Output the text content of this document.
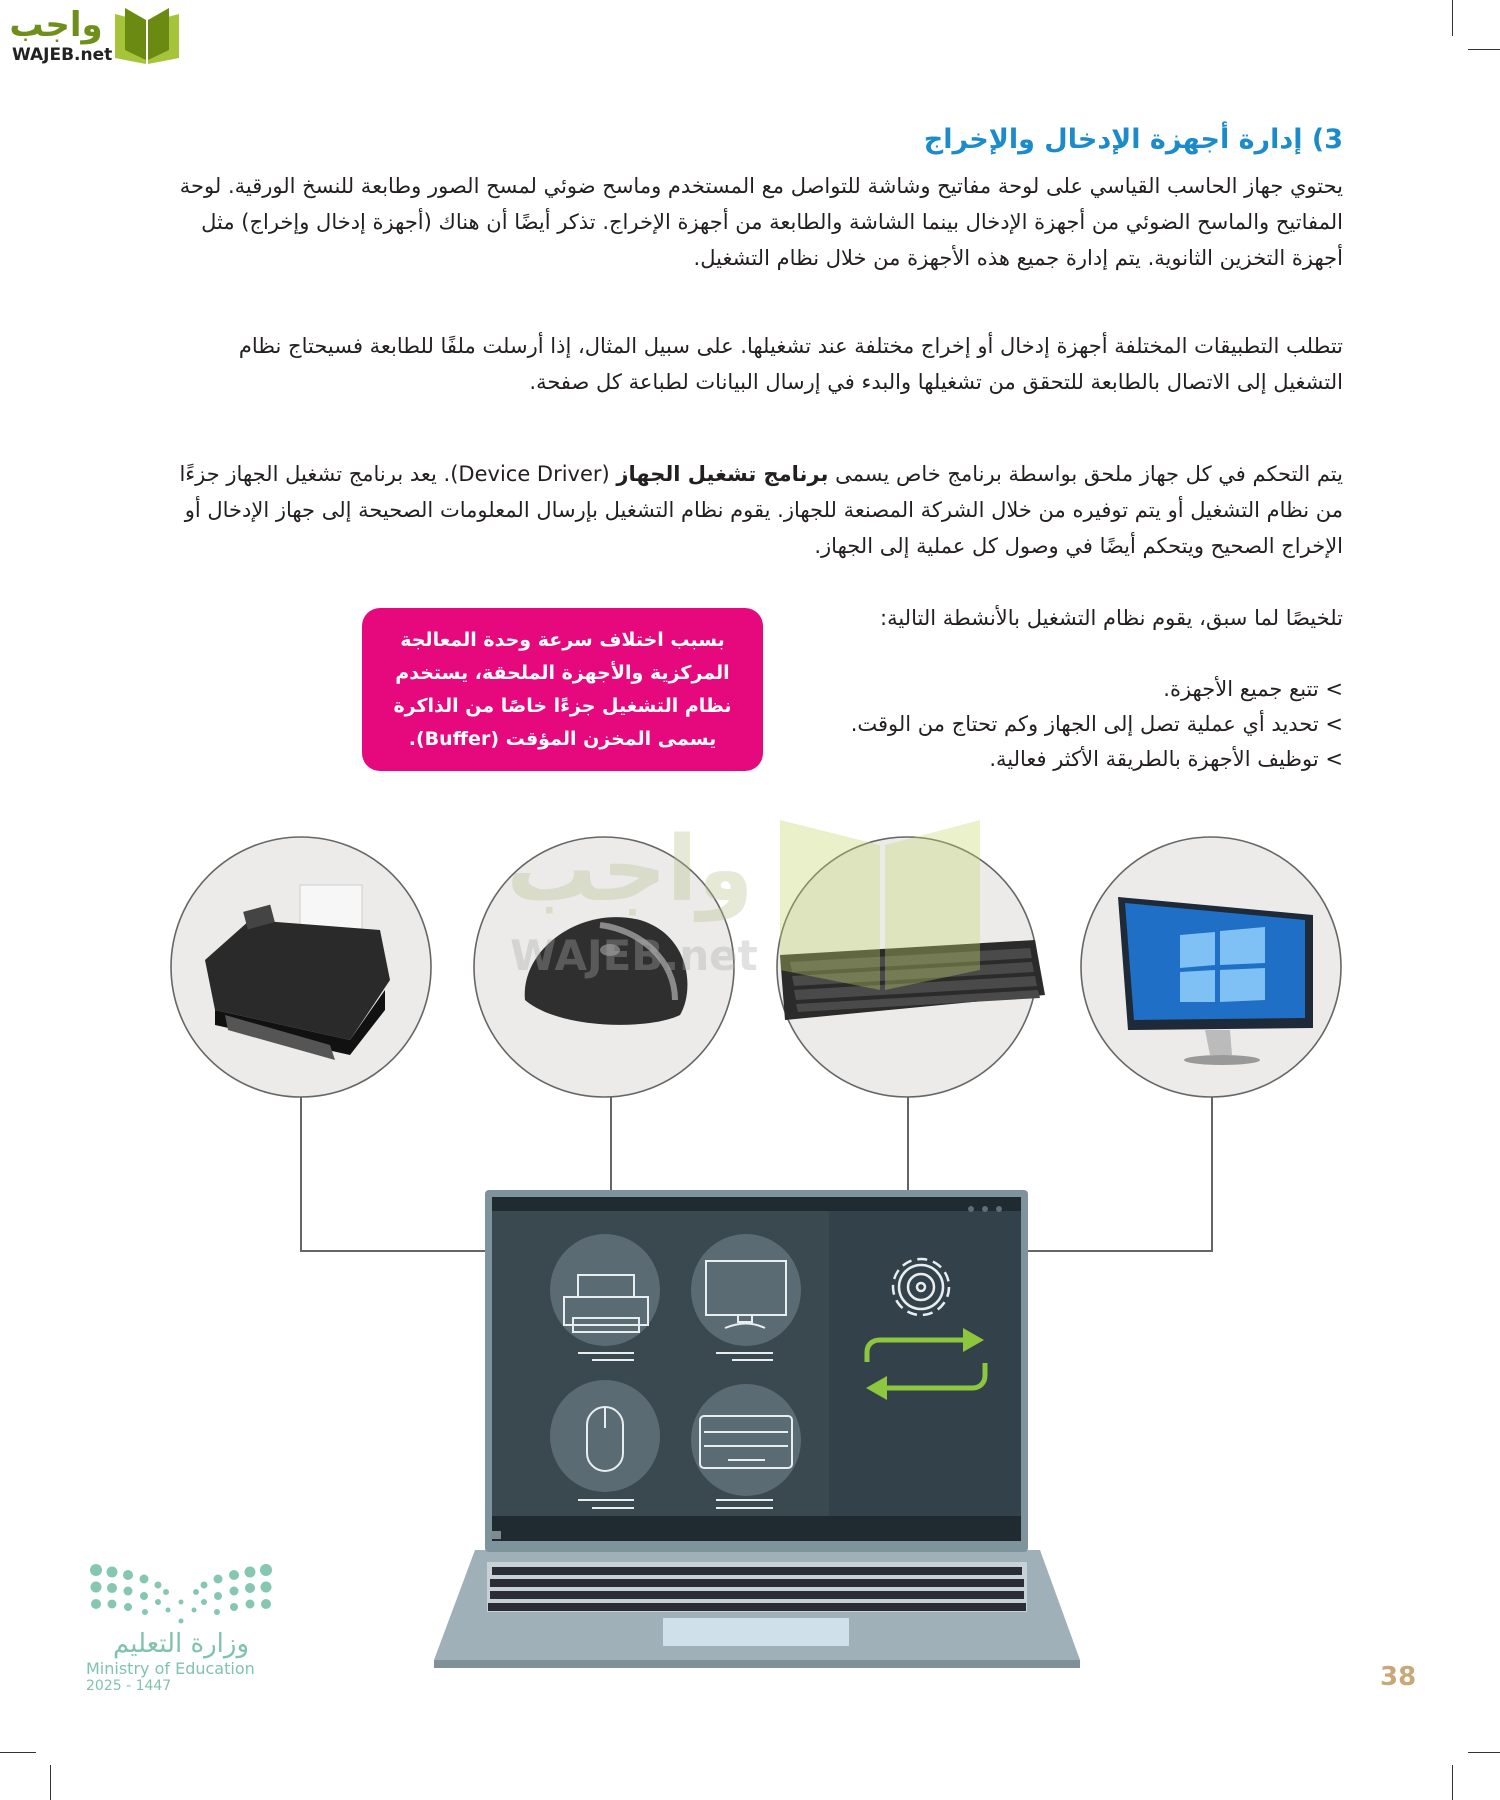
واجب
WAJEB.net
3) إدارة أجهزة الإدخال والإخراج
يحتوي جهاز الحاسب القياسي على لوحة مفاتيح وشاشة للتواصل مع المستخدم وماسح ضوئي لمسح الصور وطابعة للنسخ الورقية. لوحة المفاتيح والماسح الضوئي من أجهزة الإدخال بينما الشاشة والطابعة من أجهزة الإخراج. تذكر أيضًا أن هناك (أجهزة إدخال وإخراج) مثل أجهزة التخزين الثانوية. يتم إدارة جميع هذه الأجهزة من خلال نظام التشغيل.
تتطلب التطبيقات المختلفة أجهزة إدخال أو إخراج مختلفة عند تشغيلها. على سبيل المثال، إذا أرسلت ملفًا للطابعة فسيحتاج نظام التشغيل إلى الاتصال بالطابعة للتحقق من تشغيلها والبدء في إرسال البيانات لطباعة كل صفحة.
يتم التحكم في كل جهاز ملحق بواسطة برنامج خاص يسمى برنامج تشغيل الجهاز (Device Driver). يعد برنامج تشغيل الجهاز جزءًا من نظام التشغيل أو يتم توفيره من خلال الشركة المصنعة للجهاز. يقوم نظام التشغيل بإرسال المعلومات الصحيحة إلى جهاز الإدخال أو الإخراج الصحيح ويتحكم أيضًا في وصول كل عملية إلى الجهاز.
تلخيصًا لما سبق، يقوم نظام التشغيل بالأنشطة التالية:
> تتبع جميع الأجهزة.
> تحديد أي عملية تصل إلى الجهاز وكم تحتاج من الوقت.
> توظيف الأجهزة بالطريقة الأكثر فعالية.
بسبب اختلاف سرعة وحدة المعالجة المركزية والأجهزة الملحقة، يستخدم نظام التشغيل جزءًا خاصًا من الذاكرة يسمى المخزن المؤقت (Buffer).
واجب
WAJEB.net
وزارة التعليم
Ministry of Education
2025 - 1447	38
